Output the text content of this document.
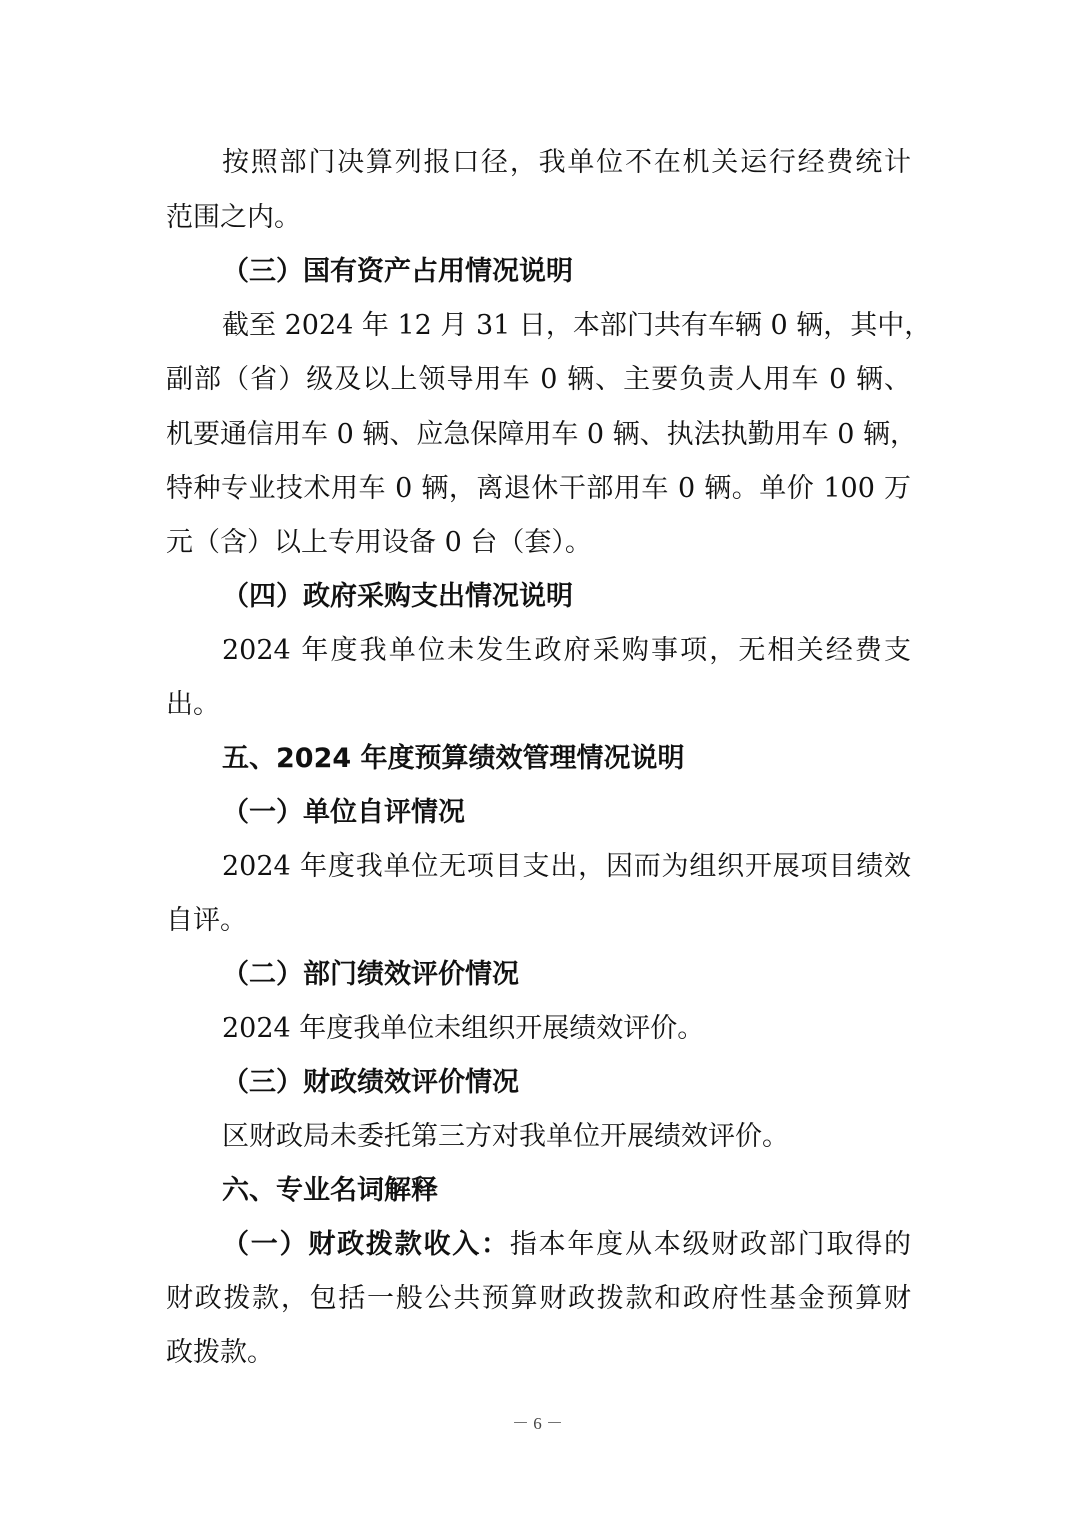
按照部门决算列报口径，我单位不在机关运行经费统计
范围之内。
（三）国有资产占用情况说明
截至 2024 年 12 月 31 日，本部门共有车辆 0 辆，其中，
副部（省）级及以上领导用车 0 辆、主要负责人用车 0 辆、
机要通信用车 0 辆、应急保障用车 0 辆、执法执勤用车 0 辆，
特种专业技术用车 0 辆，离退休干部用车 0 辆。单价 100 万
元（含）以上专用设备 0 台（套）。
（四）政府采购支出情况说明
2024 年度我单位未发生政府采购事项，无相关经费支
出。
五、2024 年度预算绩效管理情况说明
（一）单位自评情况
2024 年度我单位无项目支出，因而为组织开展项目绩效
自评。
（二）部门绩效评价情况
2024 年度我单位未组织开展绩效评价。
（三）财政绩效评价情况
区财政局未委托第三方对我单位开展绩效评价。
六、专业名词解释
（一）财政拨款收入：指本年度从本级财政部门取得的
财政拨款，包括一般公共预算财政拨款和政府性基金预算财
政拨款。
－ 6 －
